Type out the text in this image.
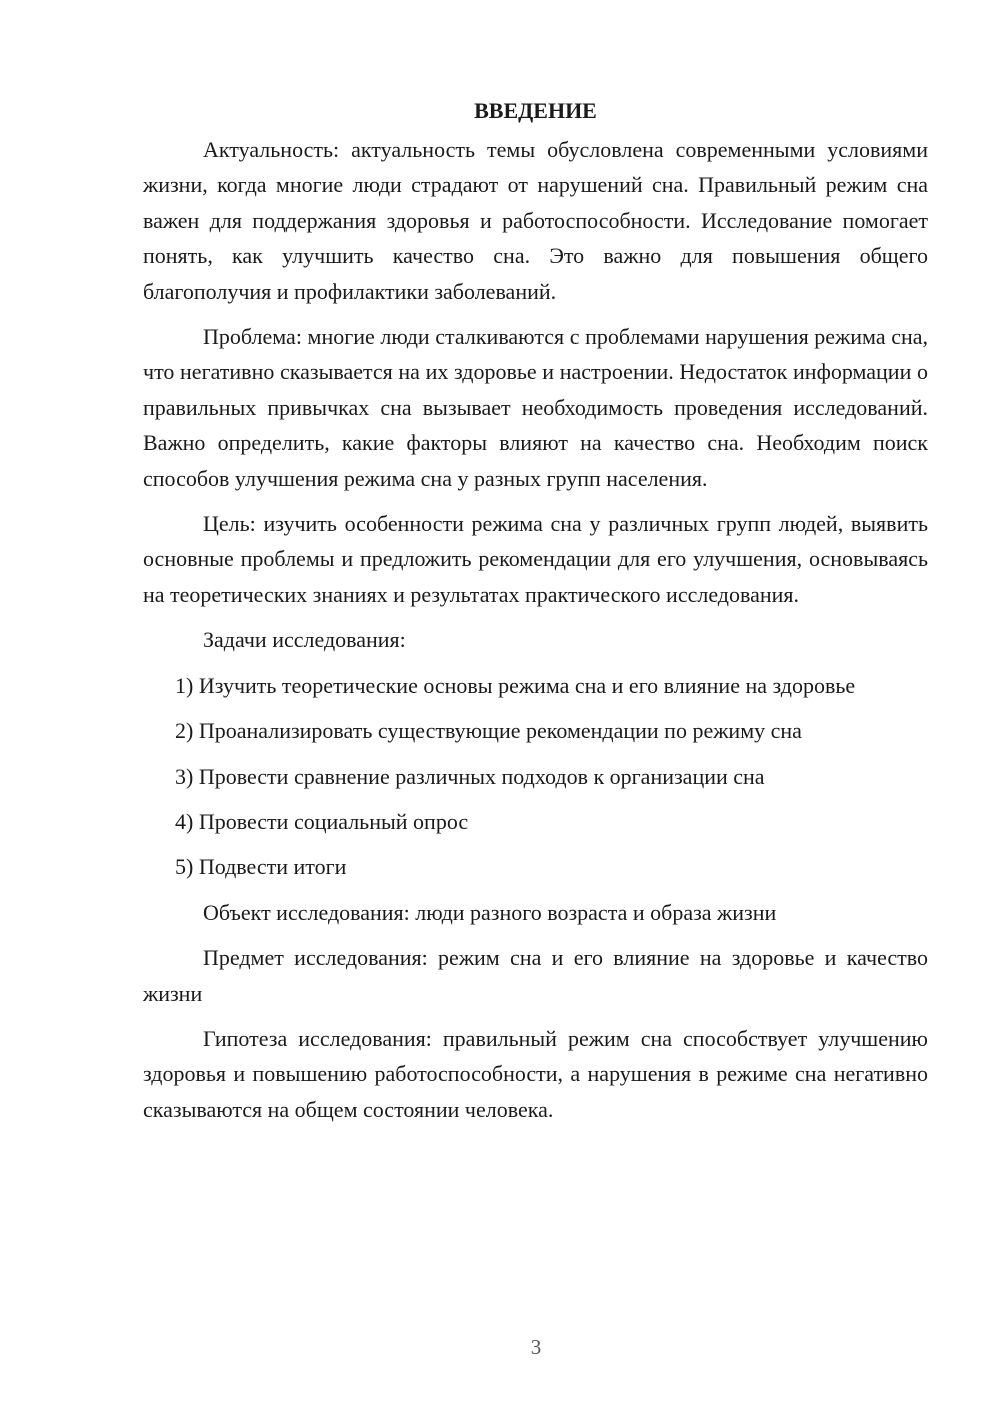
ВВЕДЕНИЕ

Актуальность: актуальность темы обусловлена современными условиями жизни, когда многие люди страдают от нарушений сна. Правильный режим сна важен для поддержания здоровья и работоспособности. Исследование помогает понять, как улучшить качество сна. Это важно для повышения общего благополучия и профилактики заболеваний.

Проблема: многие люди сталкиваются с проблемами нарушения режима сна, что негативно сказывается на их здоровье и настроении. Недостаток информации о правильных привычках сна вызывает необходимость проведения исследований. Важно определить, какие факторы влияют на качество сна. Необходим поиск способов улучшения режима сна у разных групп населения.

Цель: изучить особенности режима сна у различных групп людей, выявить основные проблемы и предложить рекомендации для его улучшения, основываясь на теоретических знаниях и результатах практического исследования.

Задачи исследования:

1) Изучить теоретические основы режима сна и его влияние на здоровье

2) Проанализировать существующие рекомендации по режиму сна

3) Провести сравнение различных подходов к организации сна

4) Провести социальный опрос

5) Подвести итоги

Объект исследования: люди разного возраста и образа жизни

Предмет исследования: режим сна и его влияние на здоровье и качество жизни

Гипотеза исследования: правильный режим сна способствует улучшению здоровья и повышению работоспособности, а нарушения в режиме сна негативно сказываются на общем состоянии человека.

3
